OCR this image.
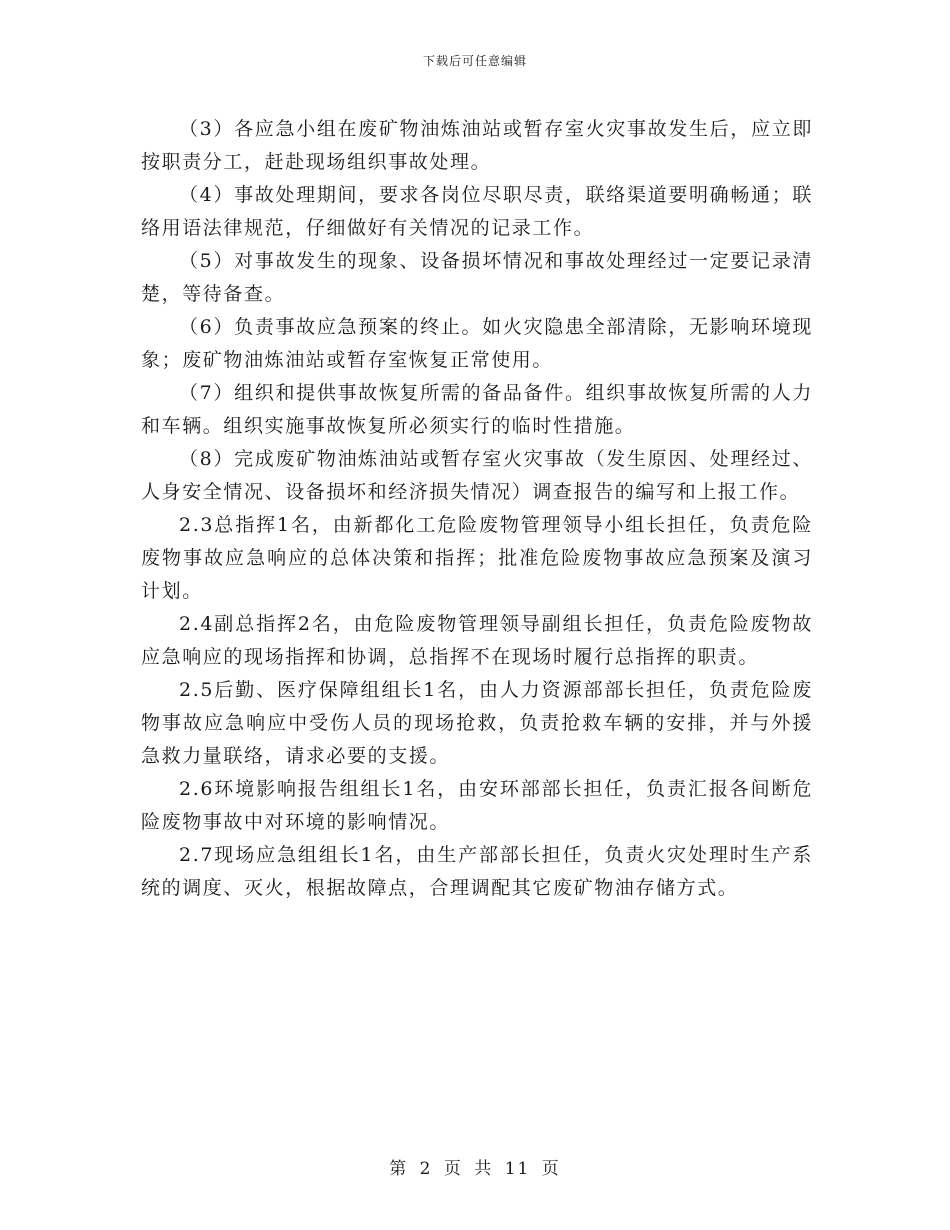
下载后可任意编辑

（3）各应急小组在废矿物油炼油站或暂存室火灾事故发生后，应立即按职责分工，赶赴现场组织事故处理。

（4）事故处理期间，要求各岗位尽职尽责，联络渠道要明确畅通；联络用语法律规范，仔细做好有关情况的记录工作。

（5）对事故发生的现象、设备损坏情况和事故处理经过一定要记录清楚，等待备查。

（6）负责事故应急预案的终止。如火灾隐患全部清除，无影响环境现象；废矿物油炼油站或暂存室恢复正常使用。

（7）组织和提供事故恢复所需的备品备件。组织事故恢复所需的人力和车辆。组织实施事故恢复所必须实行的临时性措施。

（8）完成废矿物油炼油站或暂存室火灾事故（发生原因、处理经过、人身安全情况、设备损坏和经济损失情况）调查报告的编写和上报工作。

2.3总指挥1名，由新都化工危险废物管理领导小组长担任，负责危险废物事故应急响应的总体决策和指挥；批准危险废物事故应急预案及演习计划。

2.4副总指挥2名，由危险废物管理领导副组长担任，负责危险废物故应急响应的现场指挥和协调，总指挥不在现场时履行总指挥的职责。

2.5后勤、医疗保障组组长1名，由人力资源部部长担任，负责危险废物事故应急响应中受伤人员的现场抢救，负责抢救车辆的安排，并与外援急救力量联络，请求必要的支援。

2.6环境影响报告组组长1名，由安环部部长担任，负责汇报各间断危险废物事故中对环境的影响情况。

2.7现场应急组组长1名，由生产部部长担任，负责火灾处理时生产系统的调度、灭火，根据故障点，合理调配其它废矿物油存储方式。

第 2 页 共 11 页
